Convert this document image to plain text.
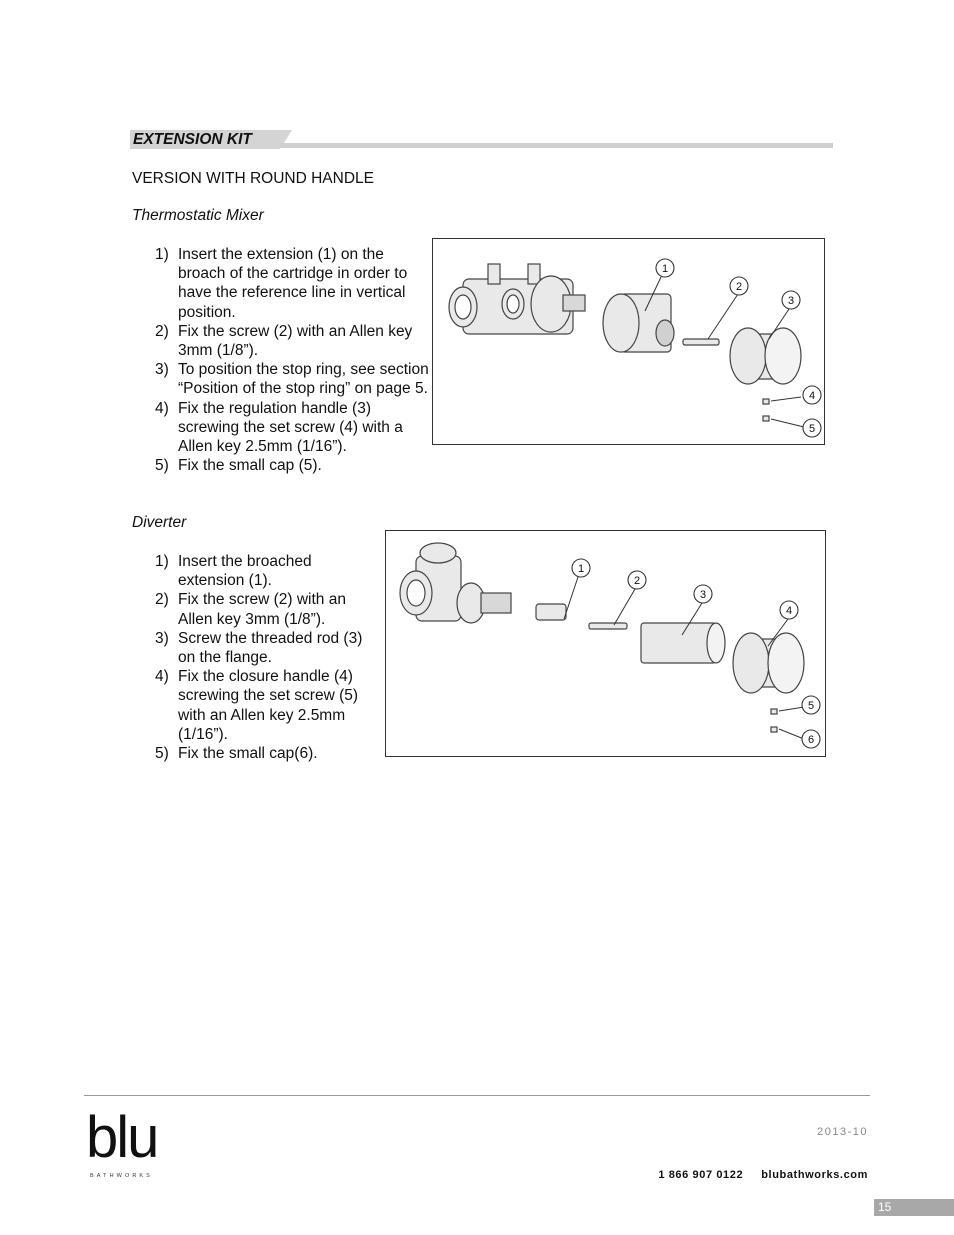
EXTENSION KIT
VERSION WITH ROUND HANDLE
Thermostatic Mixer
1) Insert the extension (1) on the broach of the cartridge in order to have the reference line in vertical position.
2) Fix the screw (2) with an Allen key 3mm (1/8”).
3) To position the stop ring, see section “Position of the stop ring” on page 5.
4) Fix the regulation handle (3) screwing the set screw (4) with a Allen key 2.5mm (1/16”).
5) Fix the small cap (5).
1
2
3
4
5
Diverter
1) Insert the broached extension (1).
2) Fix the screw (2) with an Allen key 3mm (1/8”).
3) Screw the threaded rod (3) on the flange.
4) Fix the closure handle (4) screwing the set screw (5) with an Allen key 2.5mm (1/16”).
5) Fix the small cap(6).
1
2
3
4
5
6
blu
BATHWORKS
2013-10
1 866 907 0122 blubathworks.com
15
